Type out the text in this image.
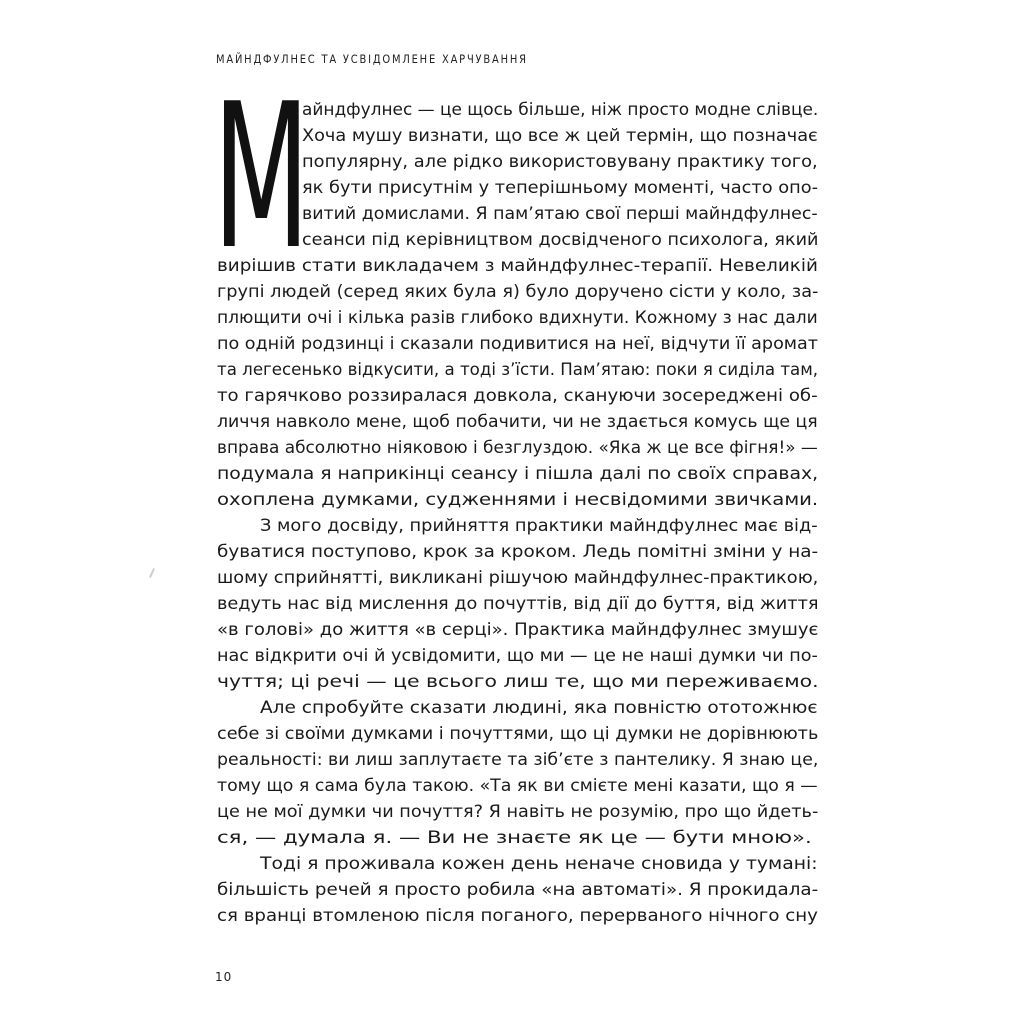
МАЙНДФУЛНЕС ТА УСВІДОМЛЕНЕ ХАРЧУВАННЯ
М
айндфулнес — це щось більше, ніж просто модне слівце.
Хоча мушу визнати, що все ж цей термін, що позначає
популярну, але рідко використовувану практику того,
як бути присутнім у теперішньому моменті, часто опо-
витий домислами. Я пам’ятаю свої перші майндфулнес-
сеанси під керівництвом досвідченого психолога, який
вирішив стати викладачем з майндфулнес-терапії. Невеликій
групі людей (серед яких була я) було доручено сісти у коло, за-
плющити очі і кілька разів глибоко вдихнути. Кожному з нас дали
по одній родзинці і сказали подивитися на неї, відчути її аромат
та легесенько відкусити, а тоді з’їсти. Пам’ятаю: поки я сиділа там,
то гарячково роззиралася довкола, скануючи зосереджені об-
личчя навколо мене, щоб побачити, чи не здається комусь ще ця
вправа абсолютно ніяковою і безглуздою. «Яка ж це все фігня!» —
подумала я наприкінці сеансу і пішла далі по своїх справах,
охоплена думками, судженнями і несвідомими звичками.
З мого досвіду, прийняття практики майндфулнес має від-
буватися поступово, крок за кроком. Ледь помітні зміни у на-
шому сприйнятті, викликані рішучою майндфулнес-практикою,
ведуть нас від мислення до почуттів, від дії до буття, від життя
«в голові» до життя «в серці». Практика майндфулнес змушує
нас відкрити очі й усвідомити, що ми — це не наші думки чи по-
чуття; ці речі — це всього лиш те, що ми переживаємо.
Але спробуйте сказати людині, яка повністю ототожнює
себе зі своїми думками і почуттями, що ці думки не дорівнюють
реальності: ви лиш заплутаєте та зіб’єте з пантелику. Я знаю це,
тому що я сама була такою. «Та як ви смієте мені казати, що я —
це не мої думки чи почуття? Я навіть не розумію, про що йдеть-
ся, — думала я. — Ви не знаєте як це — бути мною».
Тоді я проживала кожен день неначе сновида у тумані:
більшість речей я просто робила «на автоматі». Я прокидала-
ся вранці втомленою після поганого, перерваного нічного сну
10
